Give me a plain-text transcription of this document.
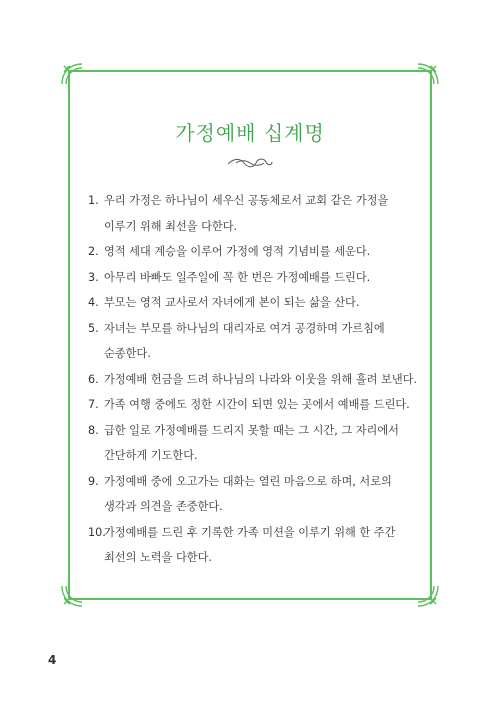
가정예배 십계명
1. 우리 가정은 하나님이 세우신 공동체로서 교회 같은 가정을
이루기 위해 최선을 다한다.
2. 영적 세대 계승을 이루어 가정에 영적 기념비를 세운다.
3. 아무리 바빠도 일주일에 꼭 한 번은 가정예배를 드린다.
4. 부모는 영적 교사로서 자녀에게 본이 되는 삶을 산다.
5. 자녀는 부모를 하나님의 대리자로 여겨 공경하며 가르침에
순종한다.
6. 가정예배 헌금을 드려 하나님의 나라와 이웃을 위해 흘려 보낸다.
7. 가족 여행 중에도 정한 시간이 되면 있는 곳에서 예배를 드린다.
8. 급한 일로 가정예배를 드리지 못할 때는 그 시간, 그 자리에서
간단하게 기도한다.
9. 가정예배 중에 오고가는 대화는 열린 마음으로 하며, 서로의
생각과 의견을 존중한다.
10.
가정예배를 드린 후 기록한 가족 미션을 이루기 위해 한 주간
최선의 노력을 다한다.
4
